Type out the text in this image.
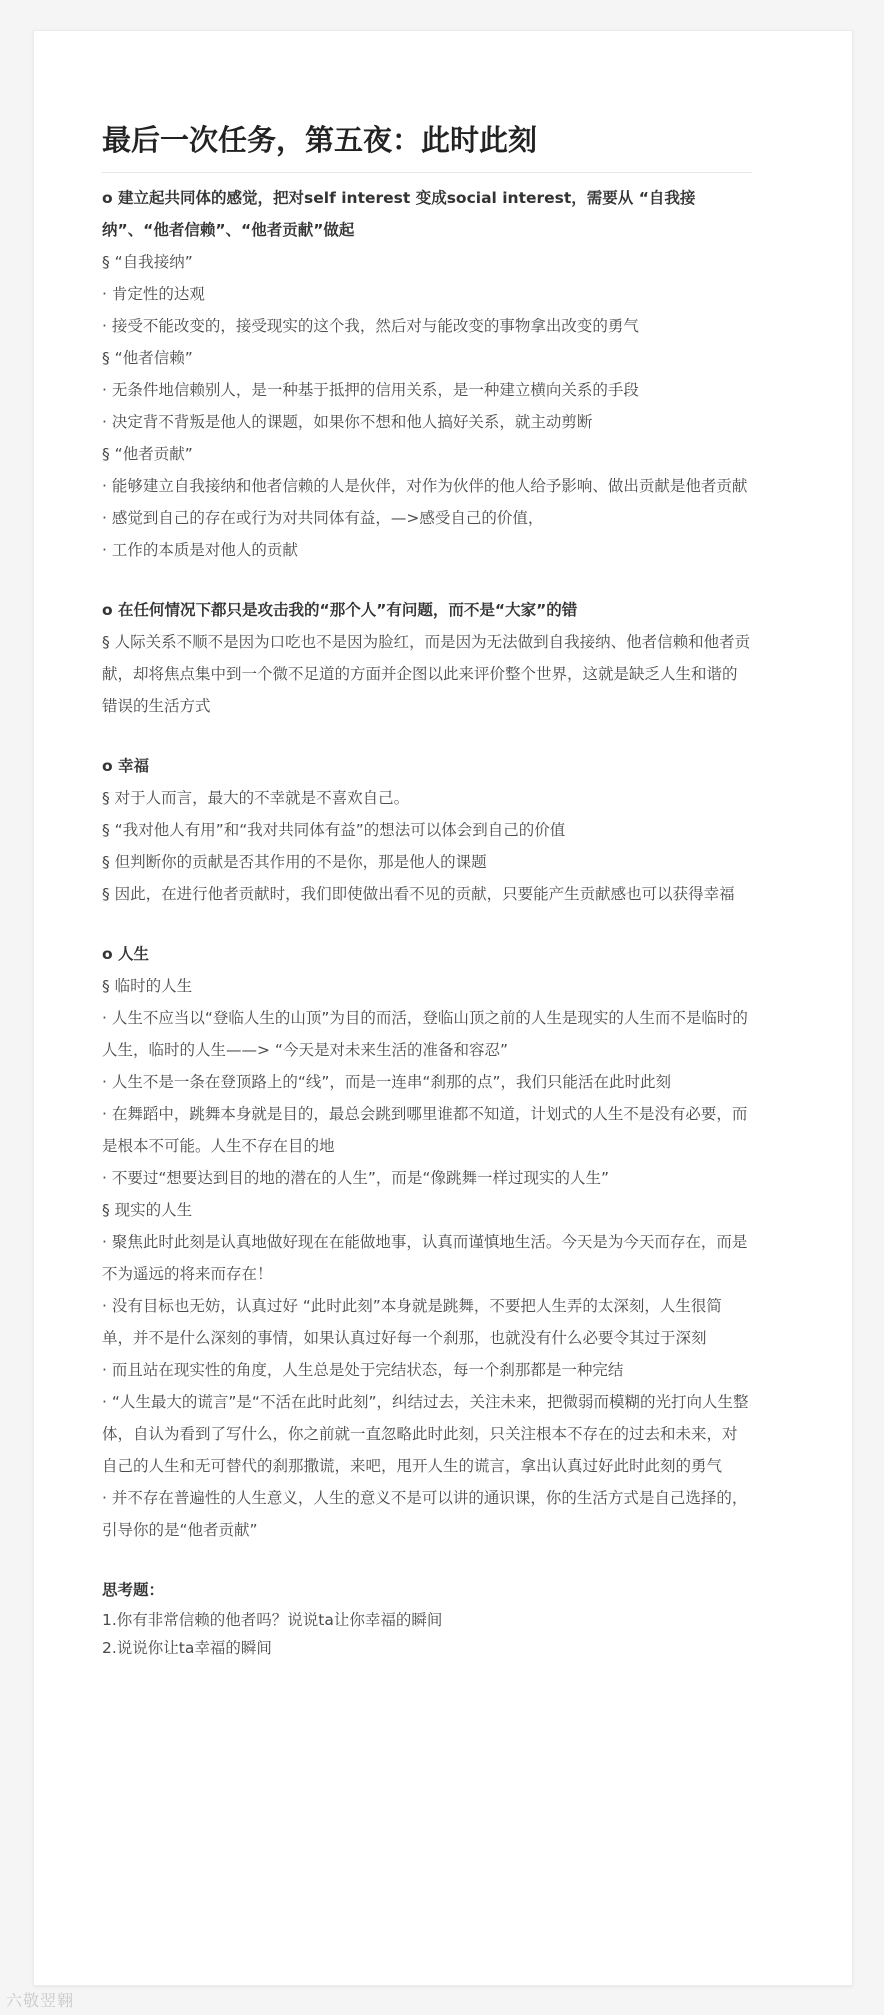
最后一次任务，第五夜：此时此刻
o 建立起共同体的感觉，把对self interest 变成social interest，需要从 “自我接纳”、“他者信赖”、“他者贡献”做起
§ “自我接纳”
· 肯定性的达观
· 接受不能改变的，接受现实的这个我，然后对与能改变的事物拿出改变的勇气
§ “他者信赖”
· 无条件地信赖别人，是一种基于抵押的信用关系，是一种建立横向关系的手段
· 决定背不背叛是他人的课题，如果你不想和他人搞好关系，就主动剪断
§ “他者贡献”
· 能够建立自我接纳和他者信赖的人是伙伴，对作为伙伴的他人给予影响、做出贡献是他者贡献
· 感觉到自己的存在或行为对共同体有益，—>感受自己的价值，
· 工作的本质是对他人的贡献
o 在任何情况下都只是攻击我的“那个人”有问题，而不是“大家”的错
§ 人际关系不顺不是因为口吃也不是因为脸红，而是因为无法做到自我接纳、他者信赖和他者贡献，却将焦点集中到一个微不足道的方面并企图以此来评价整个世界，这就是缺乏人生和谐的错误的生活方式
o 幸福
§ 对于人而言，最大的不幸就是不喜欢自己。
§ “我对他人有用”和“我对共同体有益”的想法可以体会到自己的价值
§ 但判断你的贡献是否其作用的不是你，那是他人的课题
§ 因此，在进行他者贡献时，我们即使做出看不见的贡献，只要能产生贡献感也可以获得幸福
o 人生
§ 临时的人生
· 人生不应当以“登临人生的山顶”为目的而活，登临山顶之前的人生是现实的人生而不是临时的人生，临时的人生——> “今天是对未来生活的准备和容忍”
· 人生不是一条在登顶路上的“线”，而是一连串“刹那的点”，我们只能活在此时此刻
· 在舞蹈中，跳舞本身就是目的，最总会跳到哪里谁都不知道，计划式的人生不是没有必要，而是根本不可能。人生不存在目的地
· 不要过“想要达到目的地的潜在的人生”，而是“像跳舞一样过现实的人生”
§ 现实的人生
· 聚焦此时此刻是认真地做好现在在能做地事，认真而谨慎地生活。今天是为今天而存在，而是不为遥远的将来而存在！
· 没有目标也无妨，认真过好 “此时此刻”本身就是跳舞，不要把人生弄的太深刻，人生很简单，并不是什么深刻的事情，如果认真过好每一个刹那，也就没有什么必要令其过于深刻
· 而且站在现实性的角度，人生总是处于完结状态，每一个刹那都是一种完结
· “人生最大的谎言”是“不活在此时此刻”，纠结过去，关注未来，把微弱而模糊的光打向人生整体，自认为看到了写什么，你之前就一直忽略此时此刻，只关注根本不存在的过去和未来，对自己的人生和无可替代的刹那撒谎，来吧，甩开人生的谎言，拿出认真过好此时此刻的勇气
· 并不存在普遍性的人生意义，人生的意义不是可以讲的通识课，你的生活方式是自己选择的，引导你的是“他者贡献”
思考题：
1.你有非常信赖的他者吗？说说ta让你幸福的瞬间
2.说说你让ta幸福的瞬间
六敬翌翱
